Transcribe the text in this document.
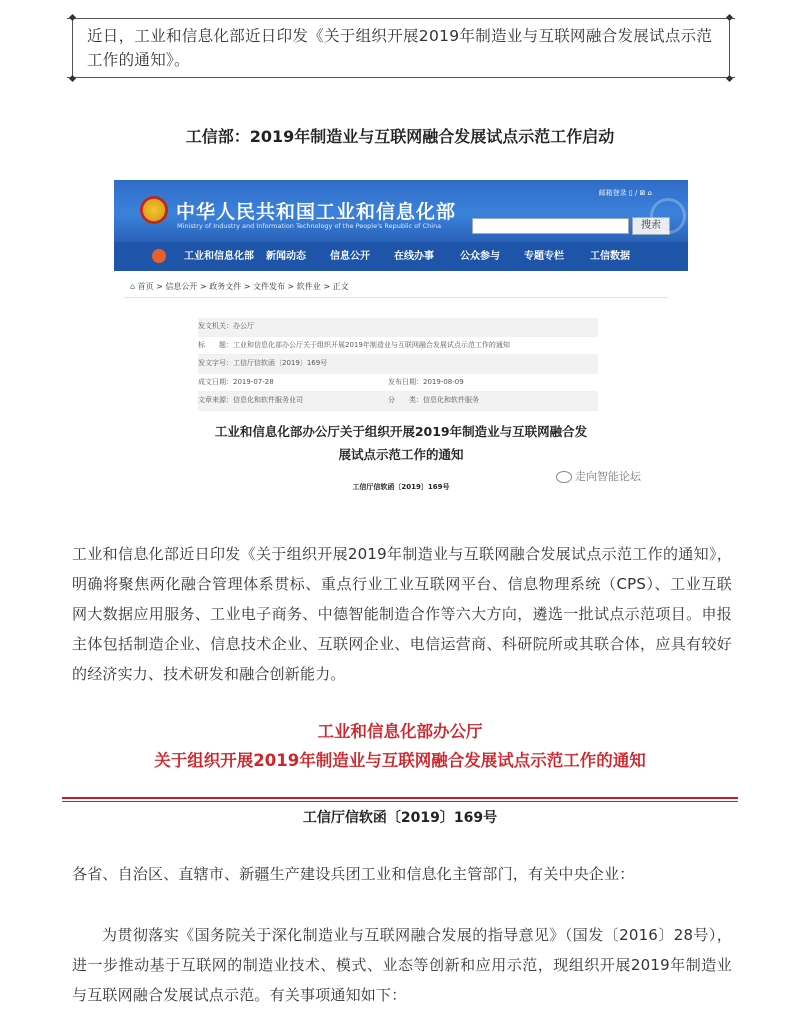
近日，工业和信息化部近日印发《关于组织开展2019年制造业与互联网融合发展试点示范工作的通知》。

工信部：2019年制造业与互联网融合发展试点示范工作启动
中华人民共和国工业和信息化部
Ministry of Industry and Information Technology of the People's Republic of China
邮箱登录 ▯ ∕ ⊠ ⌂
搜索
工业和信息化部 新闻动态 信息公开 在线办事	公众参与 专题专栏	工信数据
⌂ 首页 > 信息公开 > 政务文件 > 文件发布 > 软件业 > 正文
发文机关：办公厅
标　　题：工业和信息化部办公厅关于组织开展2019年制造业与互联网融合发展试点示范工作的通知
发文字号：工信厅信软函〔2019〕169号
成文日期：2019-07-28	发布日期：2019-08-09
文章来源：信息化和软件服务业司	分　　类：信息化和软件服务
工业和信息化部办公厅关于组织开展2019年制造业与互联网融合发
展试点示范工作的通知
工信厅信软函〔2019〕169号
走向智能论坛

工业和信息化部近日印发《关于组织开展2019年制造业与互联网融合发展试点示范工作的通知》，明确将聚焦两化融合管理体系贯标、重点行业工业互联网平台、信息物理系统（CPS）、工业互联网大数据应用服务、工业电子商务、中德智能制造合作等六大方向，遴选一批试点示范项目。申报主体包括制造企业、信息技术企业、互联网企业、电信运营商、科研院所或其联合体，应具有较好的经济实力、技术研发和融合创新能力。

工业和信息化部办公厅
关于组织开展2019年制造业与互联网融合发展试点示范工作的通知
工信厅信软函〔2019〕169号

各省、自治区、直辖市、新疆生产建设兵团工业和信息化主管部门，有关中央企业：

为贯彻落实《国务院关于深化制造业与互联网融合发展的指导意见》（国发〔2016〕28号），进一步推动基于互联网的制造业技术、模式、业态等创新和应用示范，现组织开展2019年制造业与互联网融合发展试点示范。有关事项通知如下：
